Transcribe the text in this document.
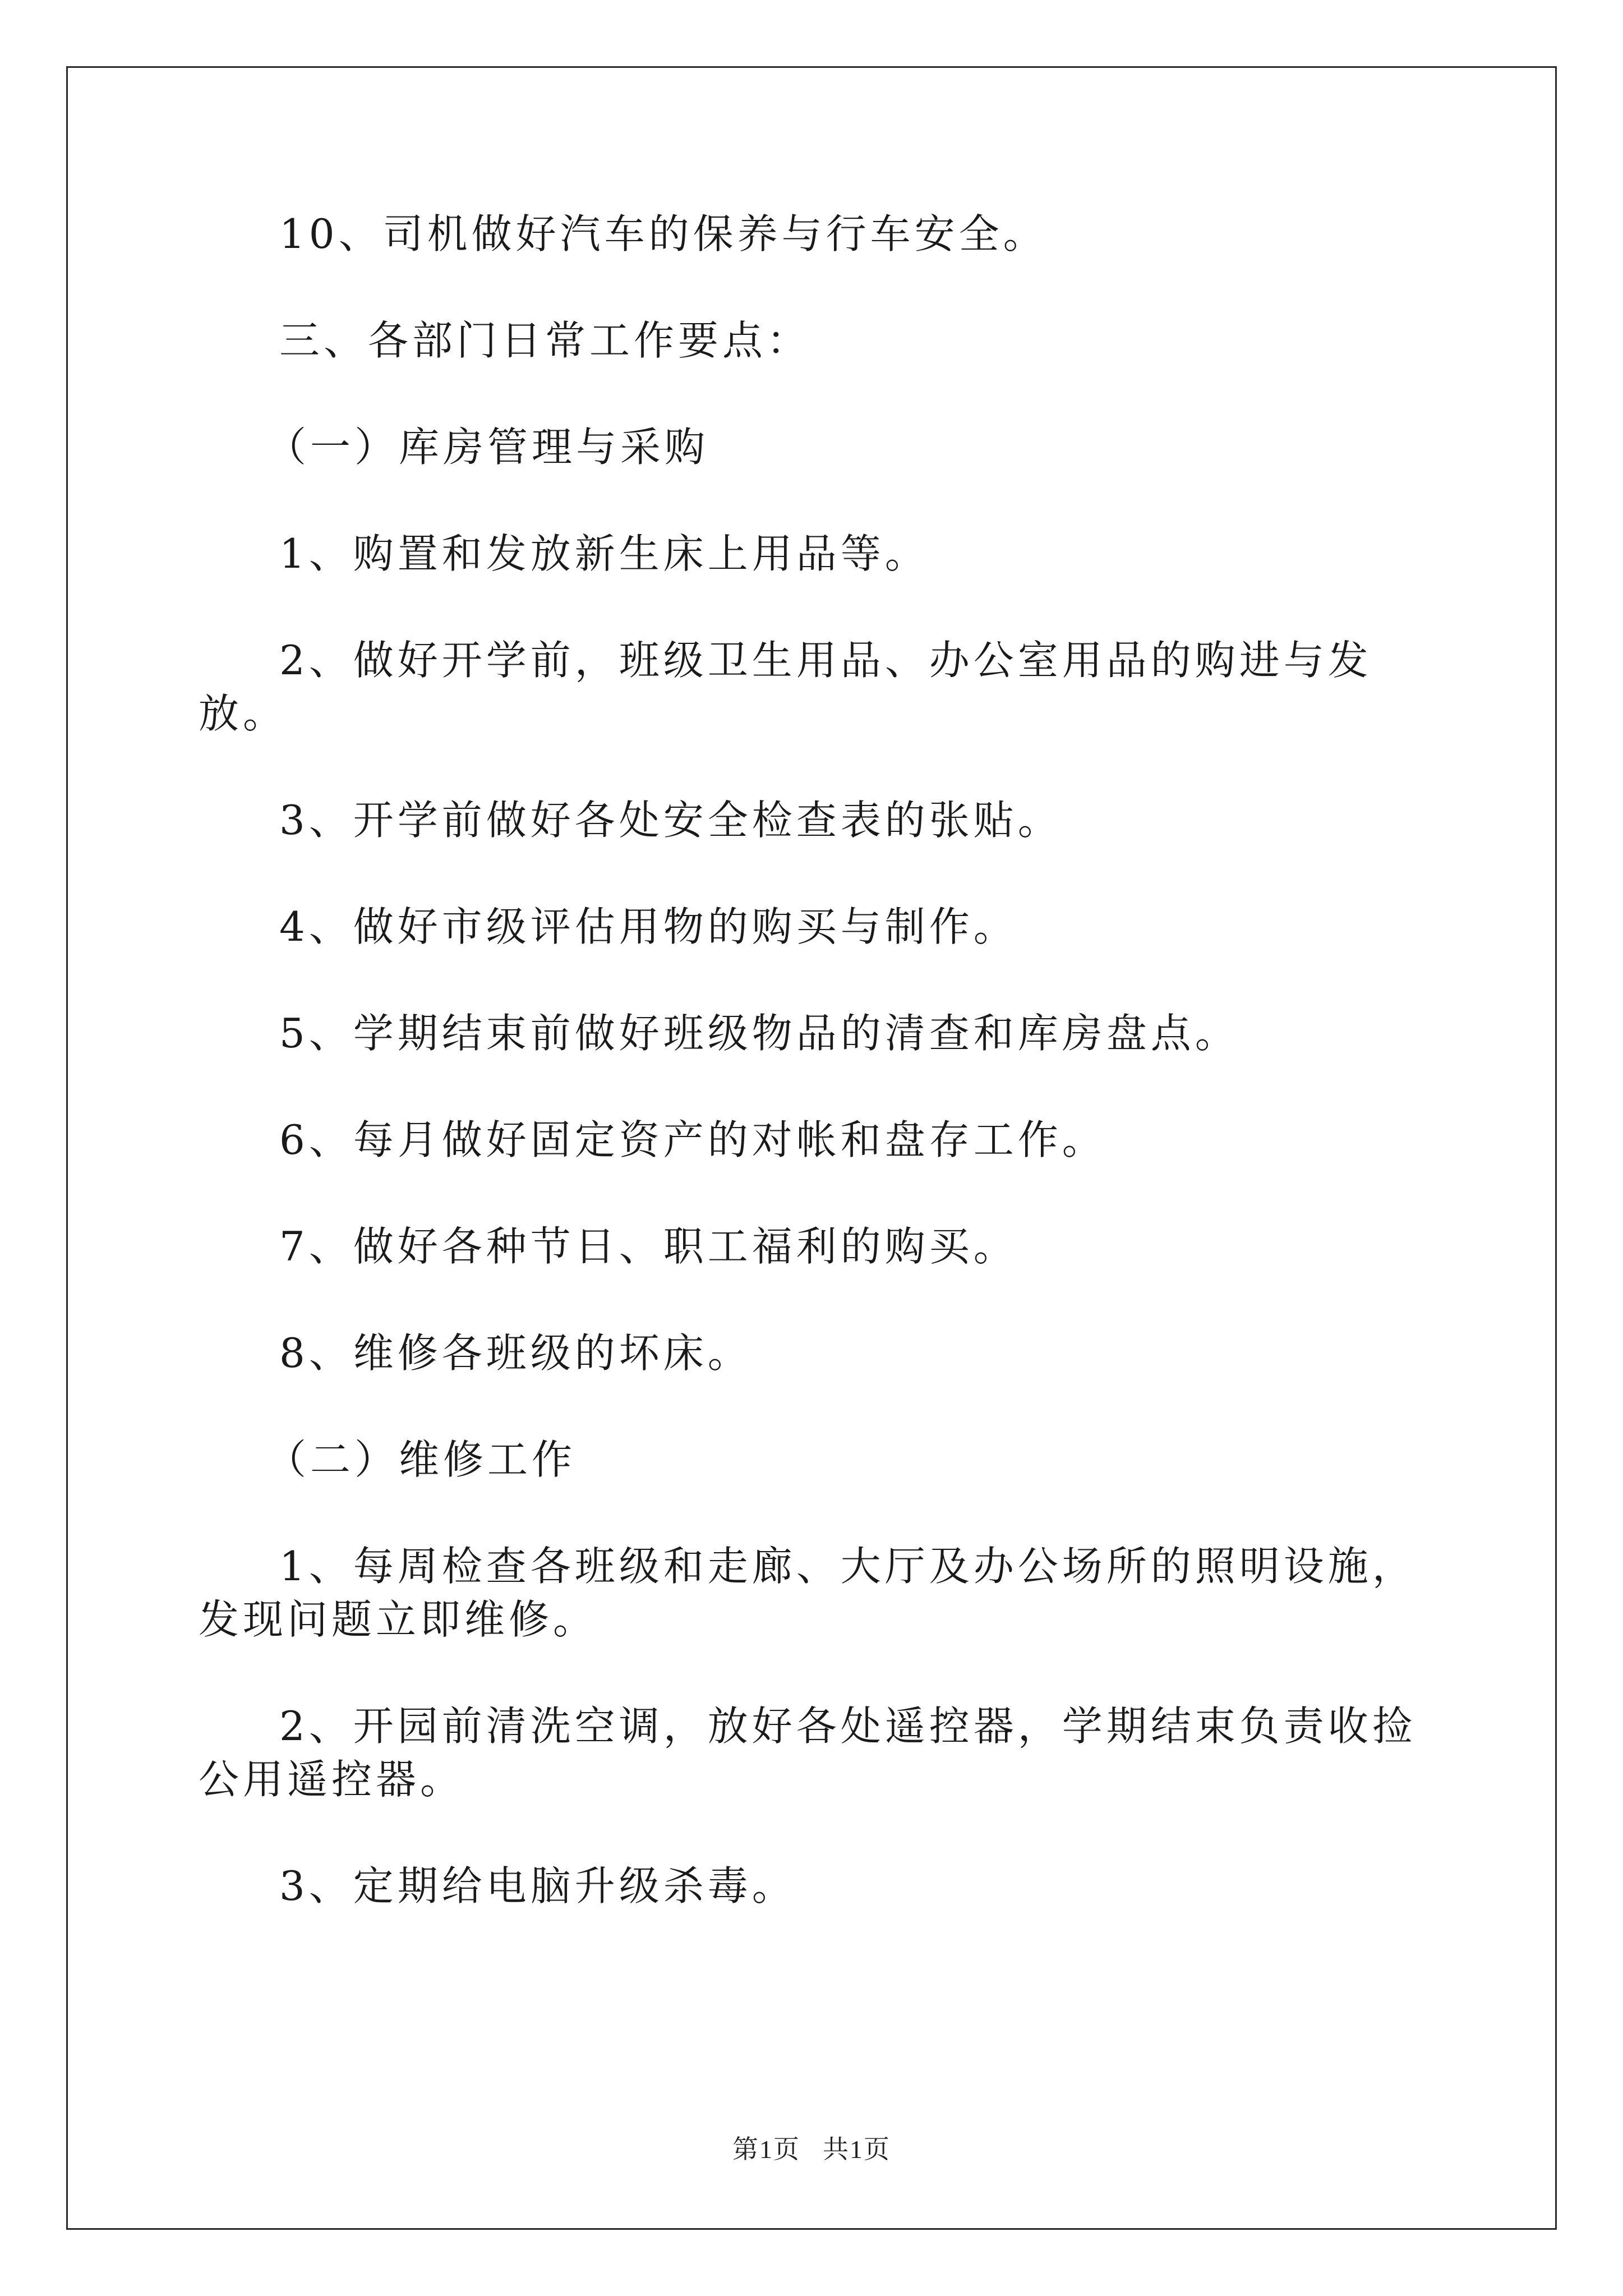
10、司机做好汽车的保养与行车安全。

三、各部门日常工作要点：

（一）库房管理与采购

1、购置和发放新生床上用品等。

2、做好开学前，班级卫生用品、办公室用品的购进与发放。

3、开学前做好各处安全检查表的张贴。

4、做好市级评估用物的购买与制作。

5、学期结束前做好班级物品的清查和库房盘点。

6、每月做好固定资产的对帐和盘存工作。

7、做好各种节日、职工福利的购买。

8、维修各班级的坏床。

（二）维修工作

1、每周检查各班级和走廊、大厅及办公场所的照明设施，发现问题立即维修。

2、开园前清洗空调，放好各处遥控器，学期结束负责收捡公用遥控器。

3、定期给电脑升级杀毒。

第1页 共1页
